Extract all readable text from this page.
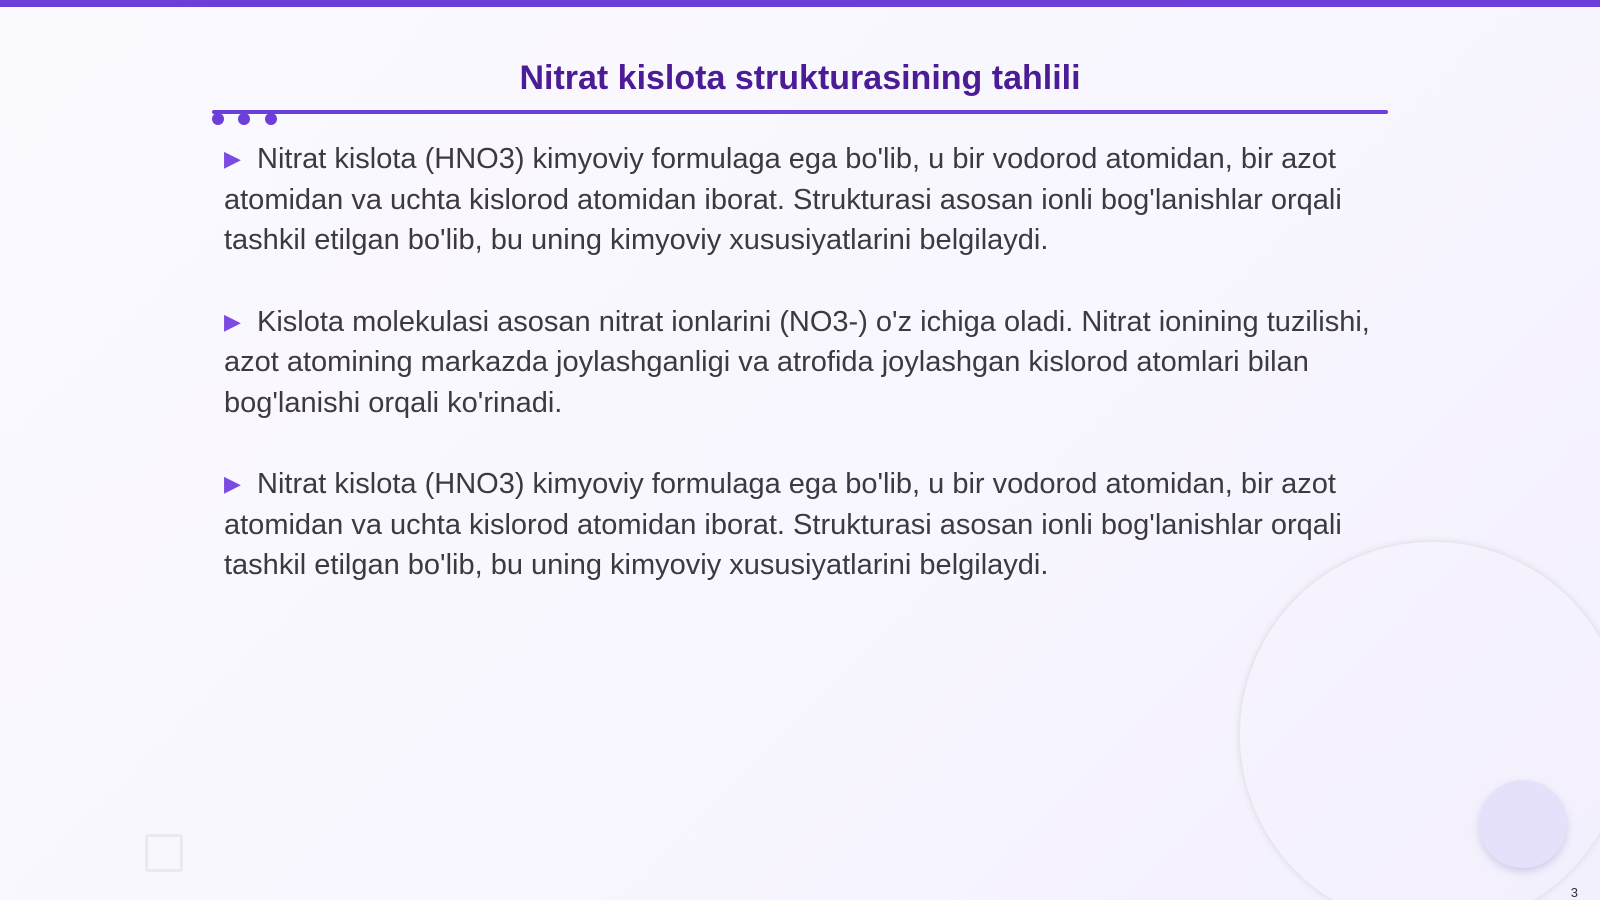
Nitrat kislota strukturasining tahlili

▶ Nitrat kislota (HNO3) kimyoviy formulaga ega bo'lib, u bir vodorod atomidan, bir azot atomidan va uchta kislorod atomidan iborat. Strukturasi asosan ionli bog'lanishlar orqali tashkil etilgan bo'lib, bu uning kimyoviy xususiyatlarini belgilaydi.

▶ Kislota molekulasi asosan nitrat ionlarini (NO3-) o'z ichiga oladi. Nitrat ionining tuzilishi, azot atomining markazda joylashganligi va atrofida joylashgan kislorod atomlari bilan bog'lanishi orqali ko'rinadi.

▶ Nitrat kislota (HNO3) kimyoviy formulaga ega bo'lib, u bir vodorod atomidan, bir azot atomidan va uchta kislorod atomidan iborat. Strukturasi asosan ionli bog'lanishlar orqali tashkil etilgan bo'lib, bu uning kimyoviy xususiyatlarini belgilaydi.

3
